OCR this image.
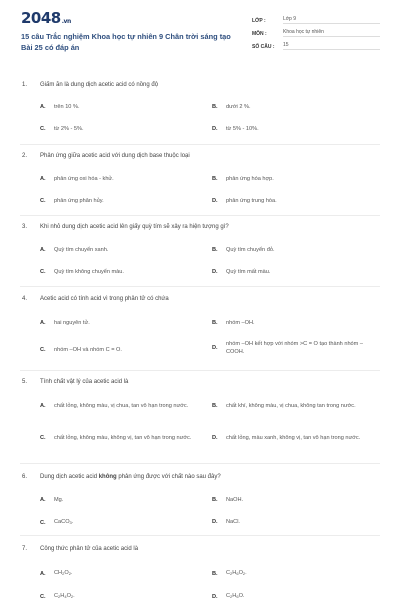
2048.vn
15 câu Trắc nghiệm Khoa học tự nhiên 9 Chân trời sáng tạo Bài 25 có đáp án
LỚP :	Lớp 9
MÔN :	Khoa học tự nhiên
SỐ CÂU :	15
1. Giấm ăn là dung dịch acetic acid có nồng độ
A.	trên 10 %.	B.	dưới 2 %.
C.	từ 2% - 5%.	D.	từ 5% - 10%.
2. Phản ứng giữa acetic acid với dung dịch base thuộc loại
A.	phản ứng oxi hóa - khử.	B.	phản ứng hóa hợp.
C.	phản ứng phân hủy.	D.	phản ứng trung hòa.
3. Khi nhỏ dung dịch acetic acid lên giấy quỳ tím sẽ xảy ra hiện tượng gì?
A.	Quỳ tím chuyển xanh.	B.	Quỳ tím chuyển đỏ.
C.	Quỳ tím không chuyển màu.	D.	Quỳ tím mất màu.
4. Acetic acid có tính acid vì trong phân tử có chứa
A.	hai nguyên tử.	B.	nhóm –OH.
C.	nhóm –OH và nhóm C = O.	D.
nhóm –OH kết hợp với nhóm >C = O tạo thành nhóm –COOH.
5. Tính chất vật lý của acetic acid là
A.	chất lỏng, không màu, vị chua, tan vô hạn trong nước.	B.	chất khí, không màu, vị chua, không tan trong nước.
C.	chất lỏng, không màu, không vị, tan vô hạn trong nước.	D.	chất lỏng, màu xanh, không vị, tan vô hạn trong nước.
6. Dung dịch acetic acid không phản ứng được với chất nào sau đây?
A.	Mg.	B.	NaOH.
C.	CaCO$_3$.	D.	NaCl.
7. Công thức phân tử của acetic acid là
A.	$CH_2O_2$.	B.	$C_2H_6O_2$.
C.	$C_2H_4O_2$.	D.	$C_2H_6O$.
